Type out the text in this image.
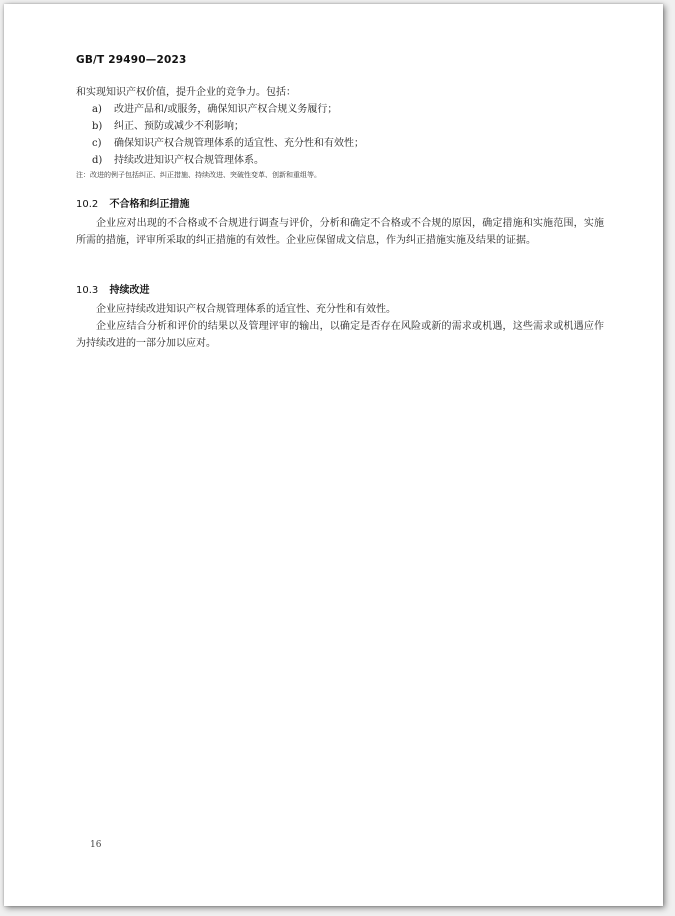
GB/T 29490—2023
和实现知识产权价值，提升企业的竞争力。包括：
a)	改进产品和/或服务，确保知识产权合规义务履行；
b)	纠正、预防或减少不利影响；
c)	确保知识产权合规管理体系的适宜性、充分性和有效性；
d)	持续改进知识产权合规管理体系。
注：改进的例子包括纠正、纠正措施、持续改进、突破性变革、创新和重组等。
10.2 不合格和纠正措施
企业应对出现的不合格或不合规进行调查与评价，分析和确定不合格或不合规的原因，确定措施和实施范围，实施所需的措施，评审所采取的纠正措施的有效性。企业应保留成文信息，作为纠正措施实施及结果的证据。
10.3 持续改进
企业应持续改进知识产权合规管理体系的适宜性、充分性和有效性。
企业应结合分析和评价的结果以及管理评审的输出，以确定是否存在风险或新的需求或机遇，这些需求或机遇应作为持续改进的一部分加以应对。
16
